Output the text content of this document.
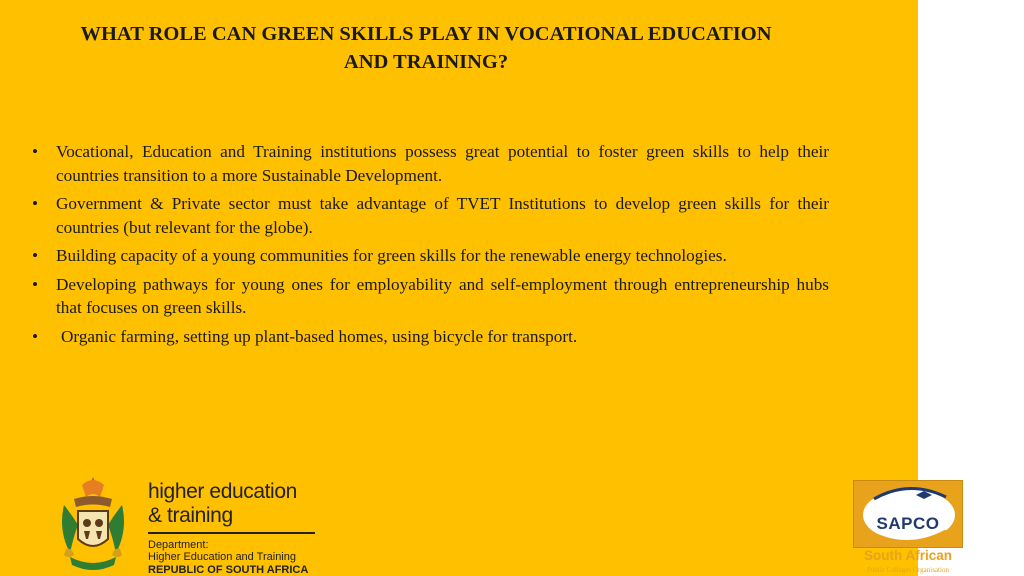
WHAT ROLE CAN GREEN SKILLS PLAY IN VOCATIONAL EDUCATION
AND TRAINING?
• Vocational, Education and Training institutions possess great potential to foster green skills to help their countries transition to a more Sustainable Development.
• Government & Private sector must take advantage of TVET Institutions to develop green skills for their countries (but relevant for the globe).
• Building capacity of a young communities for green skills for the renewable energy technologies.
• Developing pathways for young ones for employability and self-employment through entrepreneurship hubs that focuses on green skills.
• Organic farming, setting up plant-based homes, using bicycle for transport.
higher education
& training
Department:
Higher Education and Training
REPUBLIC OF SOUTH AFRICA
SAPCO
South African
Public Colleges Organisation
